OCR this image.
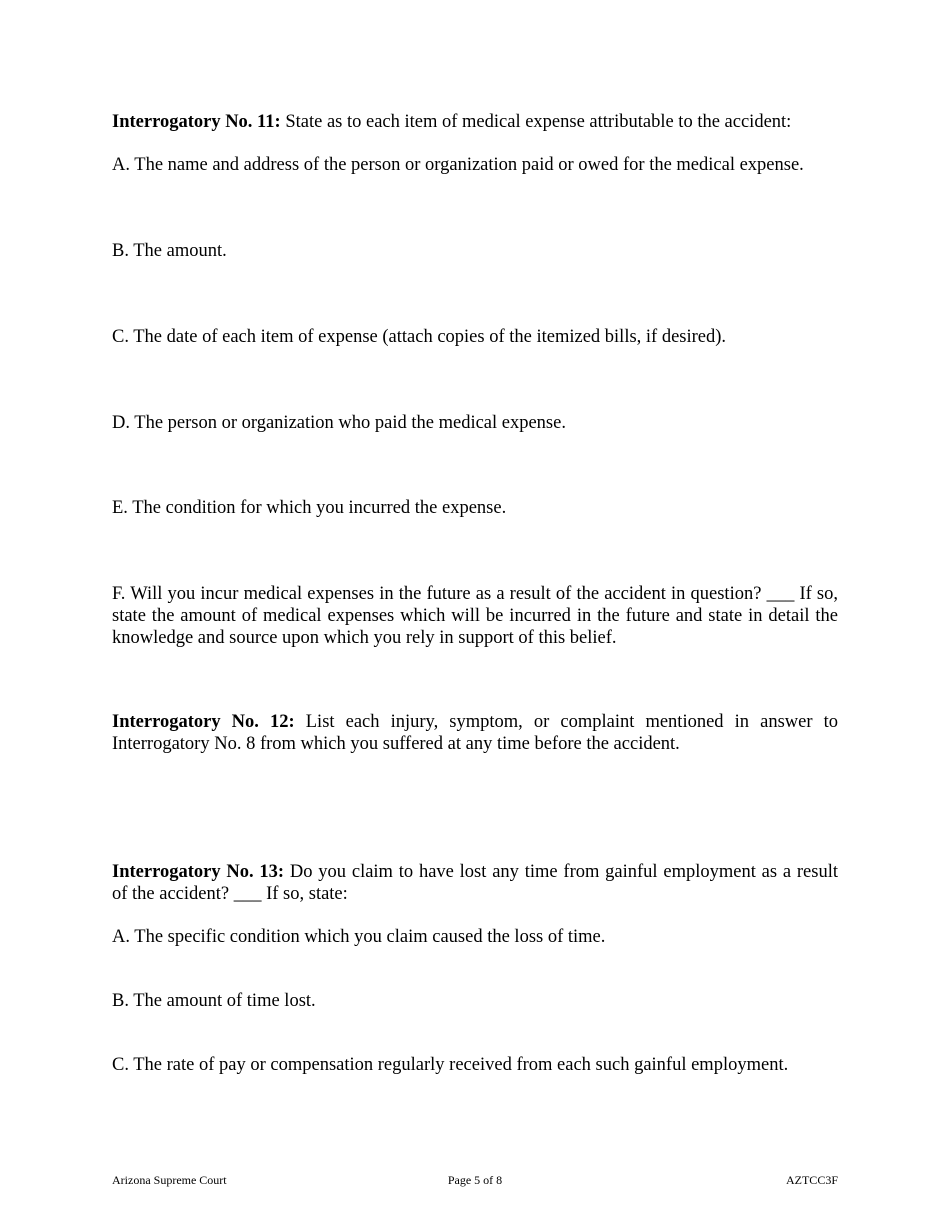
Interrogatory No. 11: State as to each item of medical expense attributable to the accident:

A. The name and address of the person or organization paid or owed for the medical expense.

B. The amount.

C. The date of each item of expense (attach copies of the itemized bills, if desired).

D. The person or organization who paid the medical expense.

E. The condition for which you incurred the expense.

F. Will you incur medical expenses in the future as a result of the accident in question? ___ If so,

state the amount of medical expenses which will be incurred in the future and state in detail the

knowledge and source upon which you rely in support of this belief.

Interrogatory No. 12: List each injury, symptom, or complaint mentioned in answer to

Interrogatory No. 8 from which you suffered at any time before the accident.

Interrogatory No. 13: Do you claim to have lost any time from gainful employment as a result

of the accident? ___ If so, state:

A. The specific condition which you claim caused the loss of time.

B. The amount of time lost.

C. The rate of pay or compensation regularly received from each such gainful employment.

Arizona Supreme Court	Page 5 of 8	AZTCC3F
